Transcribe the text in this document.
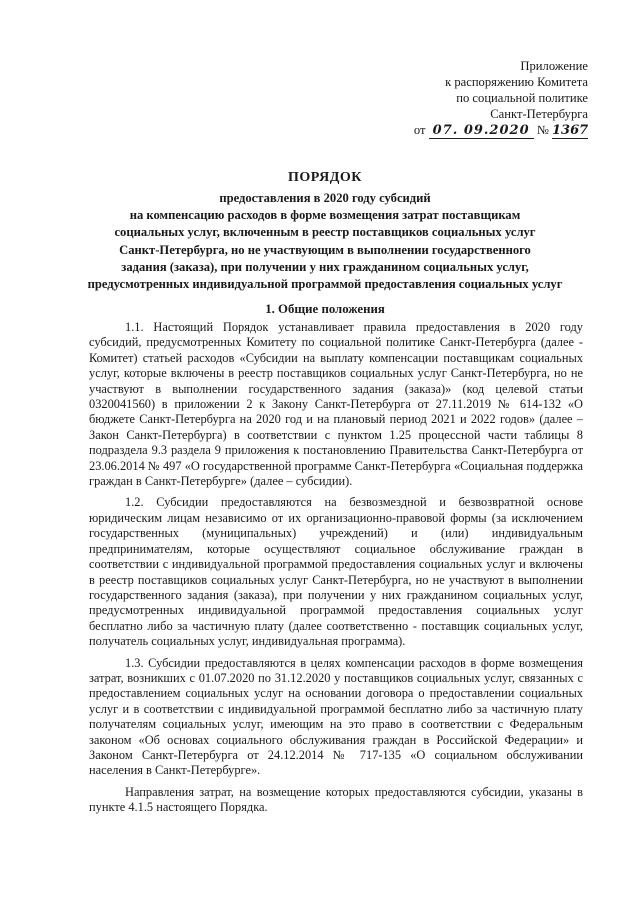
Приложение
к распоряжению Комитета
по социальной политике
Санкт-Петербурга
от 07. 09.2020 № 1367
ПОРЯДОК
предоставления в 2020 году субсидий
на компенсацию расходов в форме возмещения затрат поставщикам
социальных услуг, включенным в реестр поставщиков социальных услуг
Санкт-Петербурга, но не участвующим в выполнении государственного
задания (заказа), при получении у них гражданином социальных услуг,
предусмотренных индивидуальной программой предоставления социальных услуг
1. Общие положения

1.1. Настоящий Порядок устанавливает правила предоставления в 2020 году субсидий, предусмотренных Комитету по социальной политике Санкт-Петербурга (далее - Комитет) статьей расходов «Субсидии на выплату компенсации поставщикам социальных услуг, которые включены в реестр поставщиков социальных услуг Санкт-Петербурга, но не участвуют в выполнении государственного задания (заказа)» (код целевой статьи 0320041560) в приложении 2 к Закону Санкт-Петербурга от 27.11.2019 № 614-132 «О бюджете Санкт-Петербурга на 2020 год и на плановый период 2021 и 2022 годов» (далее – Закон Санкт-Петербурга) в соответствии с пунктом 1.25 процессной части таблицы 8 подраздела 9.3 раздела 9 приложения к постановлению Правительства Санкт-Петербурга от 23.06.2014 № 497 «О государственной программе Санкт-Петербурга «Социальная поддержка граждан в Санкт-Петербурге» (далее – субсидии).

1.2. Субсидии предоставляются на безвозмездной и безвозвратной основе юридическим лицам независимо от их организационно-правовой формы (за исключением государственных (муниципальных) учреждений) и (или) индивидуальным предпринимателям, которые осуществляют социальное обслуживание граждан в соответствии с индивидуальной программой предоставления социальных услуг и включены в реестр поставщиков социальных услуг Санкт-Петербурга, но не участвуют в выполнении государственного задания (заказа), при получении у них гражданином социальных услуг, предусмотренных индивидуальной программой предоставления социальных услуг бесплатно либо за частичную плату (далее соответственно - поставщик социальных услуг, получатель социальных услуг, индивидуальная программа).

1.3. Субсидии предоставляются в целях компенсации расходов в форме возмещения затрат, возникших с 01.07.2020 по 31.12.2020 у поставщиков социальных услуг, связанных с предоставлением социальных услуг на основании договора о предоставлении социальных услуг и в соответствии с индивидуальной программой бесплатно либо за частичную плату получателям социальных услуг, имеющим на это право в соответствии с Федеральным законом «Об основах социального обслуживания граждан в Российской Федерации» и Законом Санкт-Петербурга от 24.12.2014 № 717-135 «О социальном обслуживании населения в Санкт-Петербурге».

Направления затрат, на возмещение которых предоставляются субсидии, указаны в пункте 4.1.5 настоящего Порядка.
